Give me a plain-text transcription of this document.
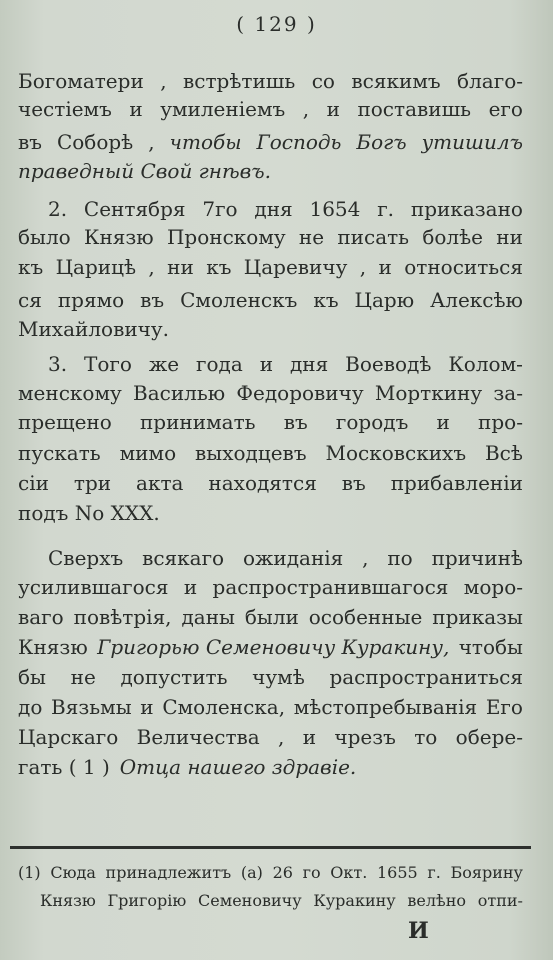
( 129 )
Богоматери , встрѣтишь со всякимъ благо-
честіемъ и умиленіемъ , и поставишь его
въ Соборѣ , чтобы Господь Богъ утишилъ
праведный Свой гнѣвъ.
2. Сентября 7го дня 1654 г. приказано
было Князю Пронскому не писать болѣе ни
къ Царицѣ , ни къ Царевичу , и относиться
ся прямо въ Смоленскъ къ Царю Алексѣю
Михайловичу.
3. Того же года и дня Воеводѣ Колом-
менскому Василью Федоровичу Морткину за-
прещено принимать въ городъ и про-
пускать мимо выходцевъ Московскихъ Всѣ
сіи три акта находятся въ прибавленіи
подъ No XXX.
Сверхъ всякаго ожиданія , по причинѣ
усилившагося и распространившагося моро-
ваго повѣтрія, даны были особенные приказы
Князю Григорью Семеновичу Куракину, чтобы
бы не допустить чумѣ распространиться
до Вязьмы и Смоленска, мѣстопребыванія Его
Царскаго Величества , и чрезъ то обере-
гать ( 1 ) Отца нашего здравіе.
(1) Сюда принадлежитъ (а) 26 го Окт. 1655 г. Боярину
Князю Григорію Семеновичу Куракину велѣно отпи-
И
